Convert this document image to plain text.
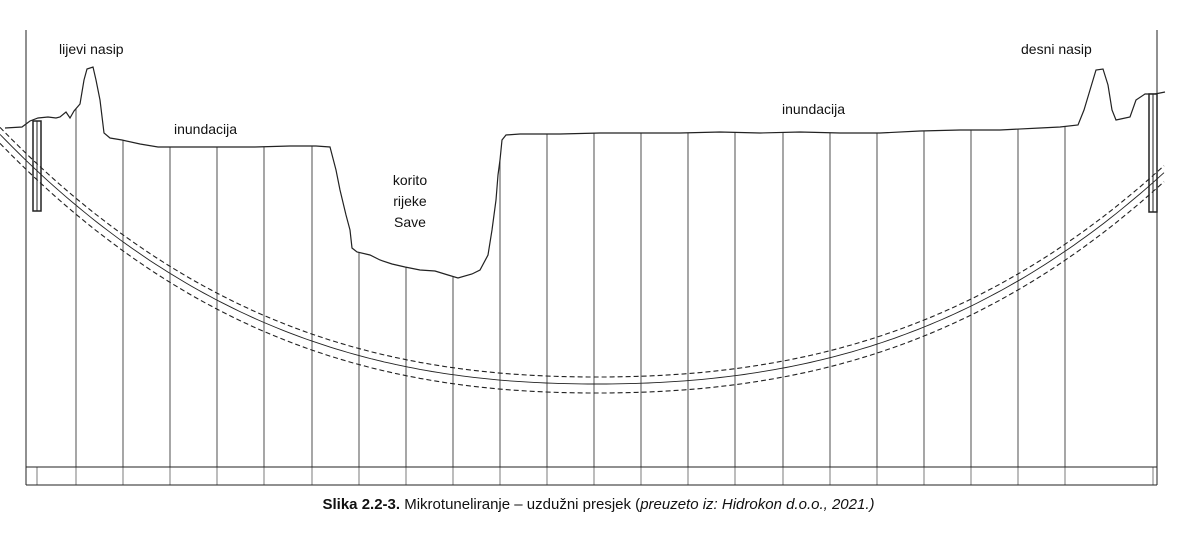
lijevi nasip	desni nasip
inundacija
inundacija
korito
rijeke
Save
Slika 2.2-3. Mikrotuneliranje – uzdužni presjek (preuzeto iz: Hidrokon d.o.o., 2021.)
